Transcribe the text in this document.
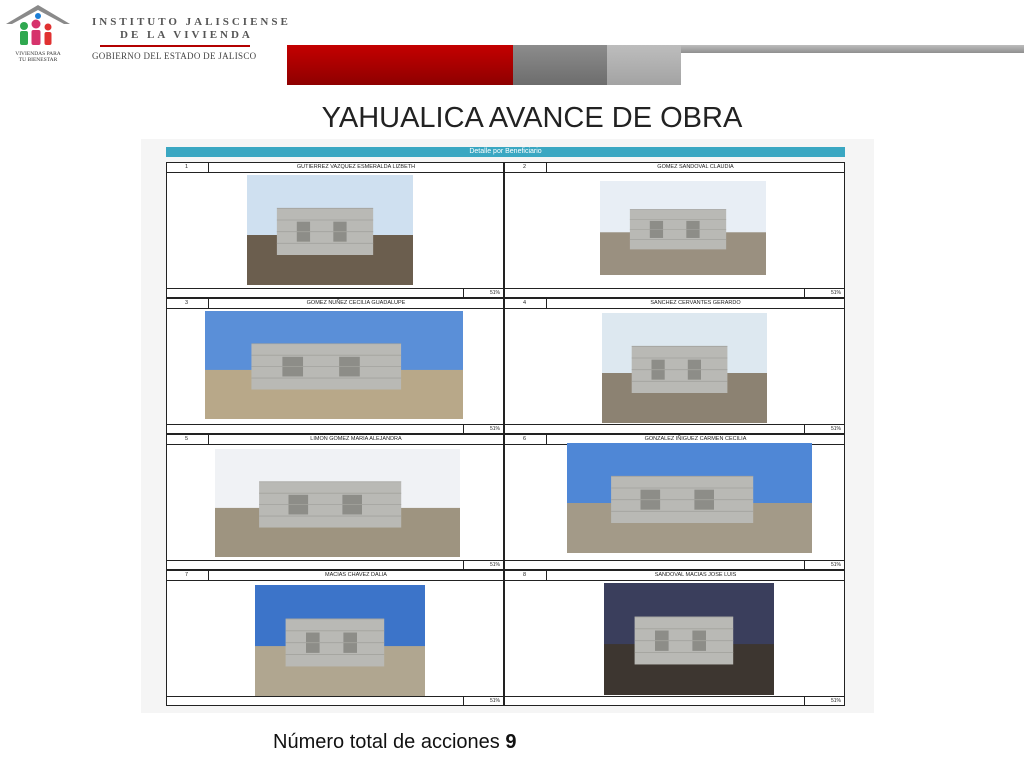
VIVIENDAS PARA
TU BIENESTAR
INSTITUTO JALISCIENSE
DE LA VIVIENDA
GOBIERNO DEL ESTADO DE JALISCO
YAHUALICA AVANCE DE OBRA
Detalle por Beneficiario
1	GUTIERREZ VAZQUEZ ESMERALDA LIZBETH
51%
2	GOMEZ SANDOVAL CLAUDIA
51%
3	GOMEZ NUÑEZ CECILIA GUADALUPE
51%
4	SANCHEZ CERVANTES GERARDO
51%
5	LIMON GOMEZ MARIA ALEJANDRA
51%
6	GONZALEZ IÑIGUEZ CARMEN CECILIA
51%
7	MACIAS CHAVEZ DALIA
51%
8	SANDOVAL MACIAS JOSE LUIS
51%
Número total de acciones 9
